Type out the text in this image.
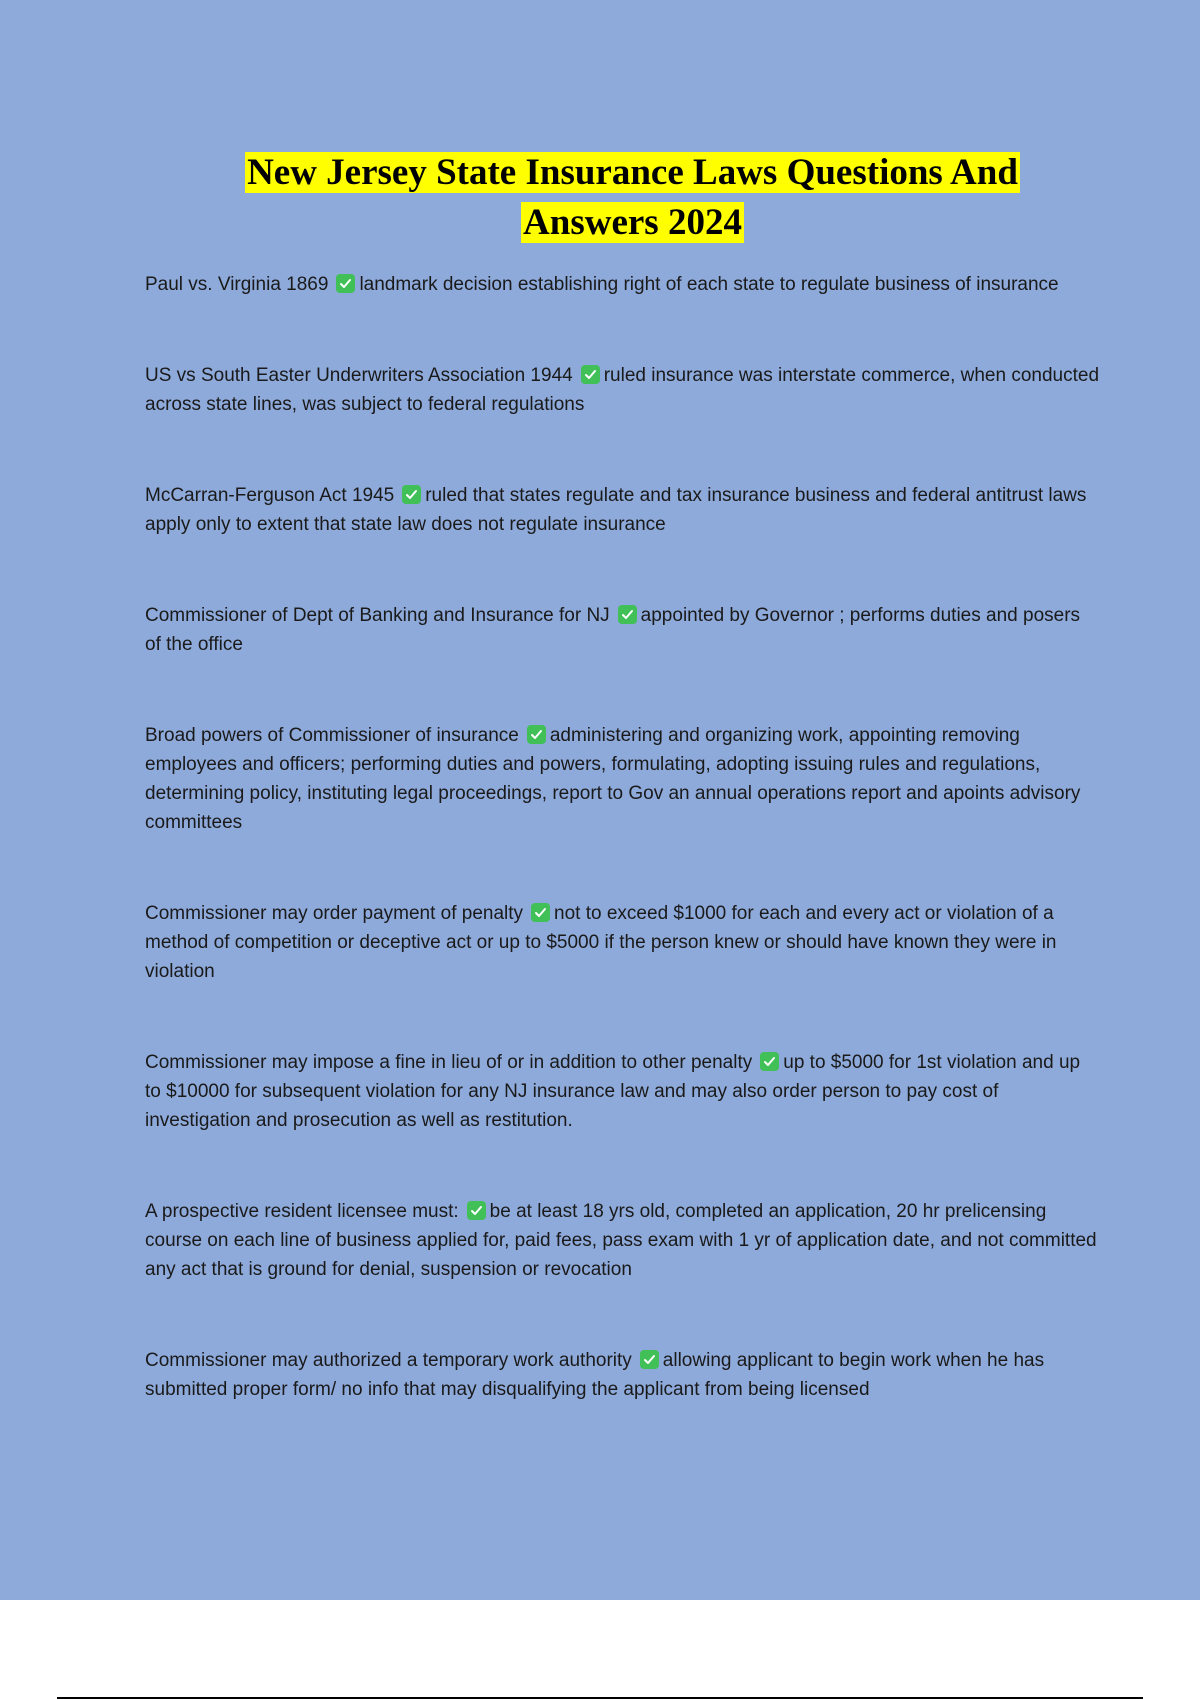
New Jersey State Insurance Laws Questions And
Answers 2024
Paul vs. Virginia 1869 landmark decision establishing right of each state to regulate business of insurance
US vs South Easter Underwriters Association 1944 ruled insurance was interstate commerce, when conducted across state lines, was subject to federal regulations
McCarran-Ferguson Act 1945 ruled that states regulate and tax insurance business and federal antitrust laws apply only to extent that state law does not regulate insurance
Commissioner of Dept of Banking and Insurance for NJ appointed by Governor ; performs duties and posers of the office
Broad powers of Commissioner of insurance administering and organizing work, appointing removing employees and officers; performing duties and powers, formulating, adopting issuing rules and regulations, determining policy, instituting legal proceedings, report to Gov an annual operations report and apoints advisory committees
Commissioner may order payment of penalty not to exceed $1000 for each and every act or violation of a method of competition or deceptive act or up to $5000 if the person knew or should have known they were in violation
Commissioner may impose a fine in lieu of or in addition to other penalty up to $5000 for 1st violation and up to $10000 for subsequent violation for any NJ insurance law and may also order person to pay cost of investigation and prosecution as well as restitution.
A prospective resident licensee must: be at least 18 yrs old, completed an application, 20 hr prelicensing course on each line of business applied for, paid fees, pass exam with 1 yr of application date, and not committed any act that is ground for denial, suspension or revocation
Commissioner may authorized a temporary work authority allowing applicant to begin work when he has submitted proper form/ no info that may disqualifying the applicant from being licensed
